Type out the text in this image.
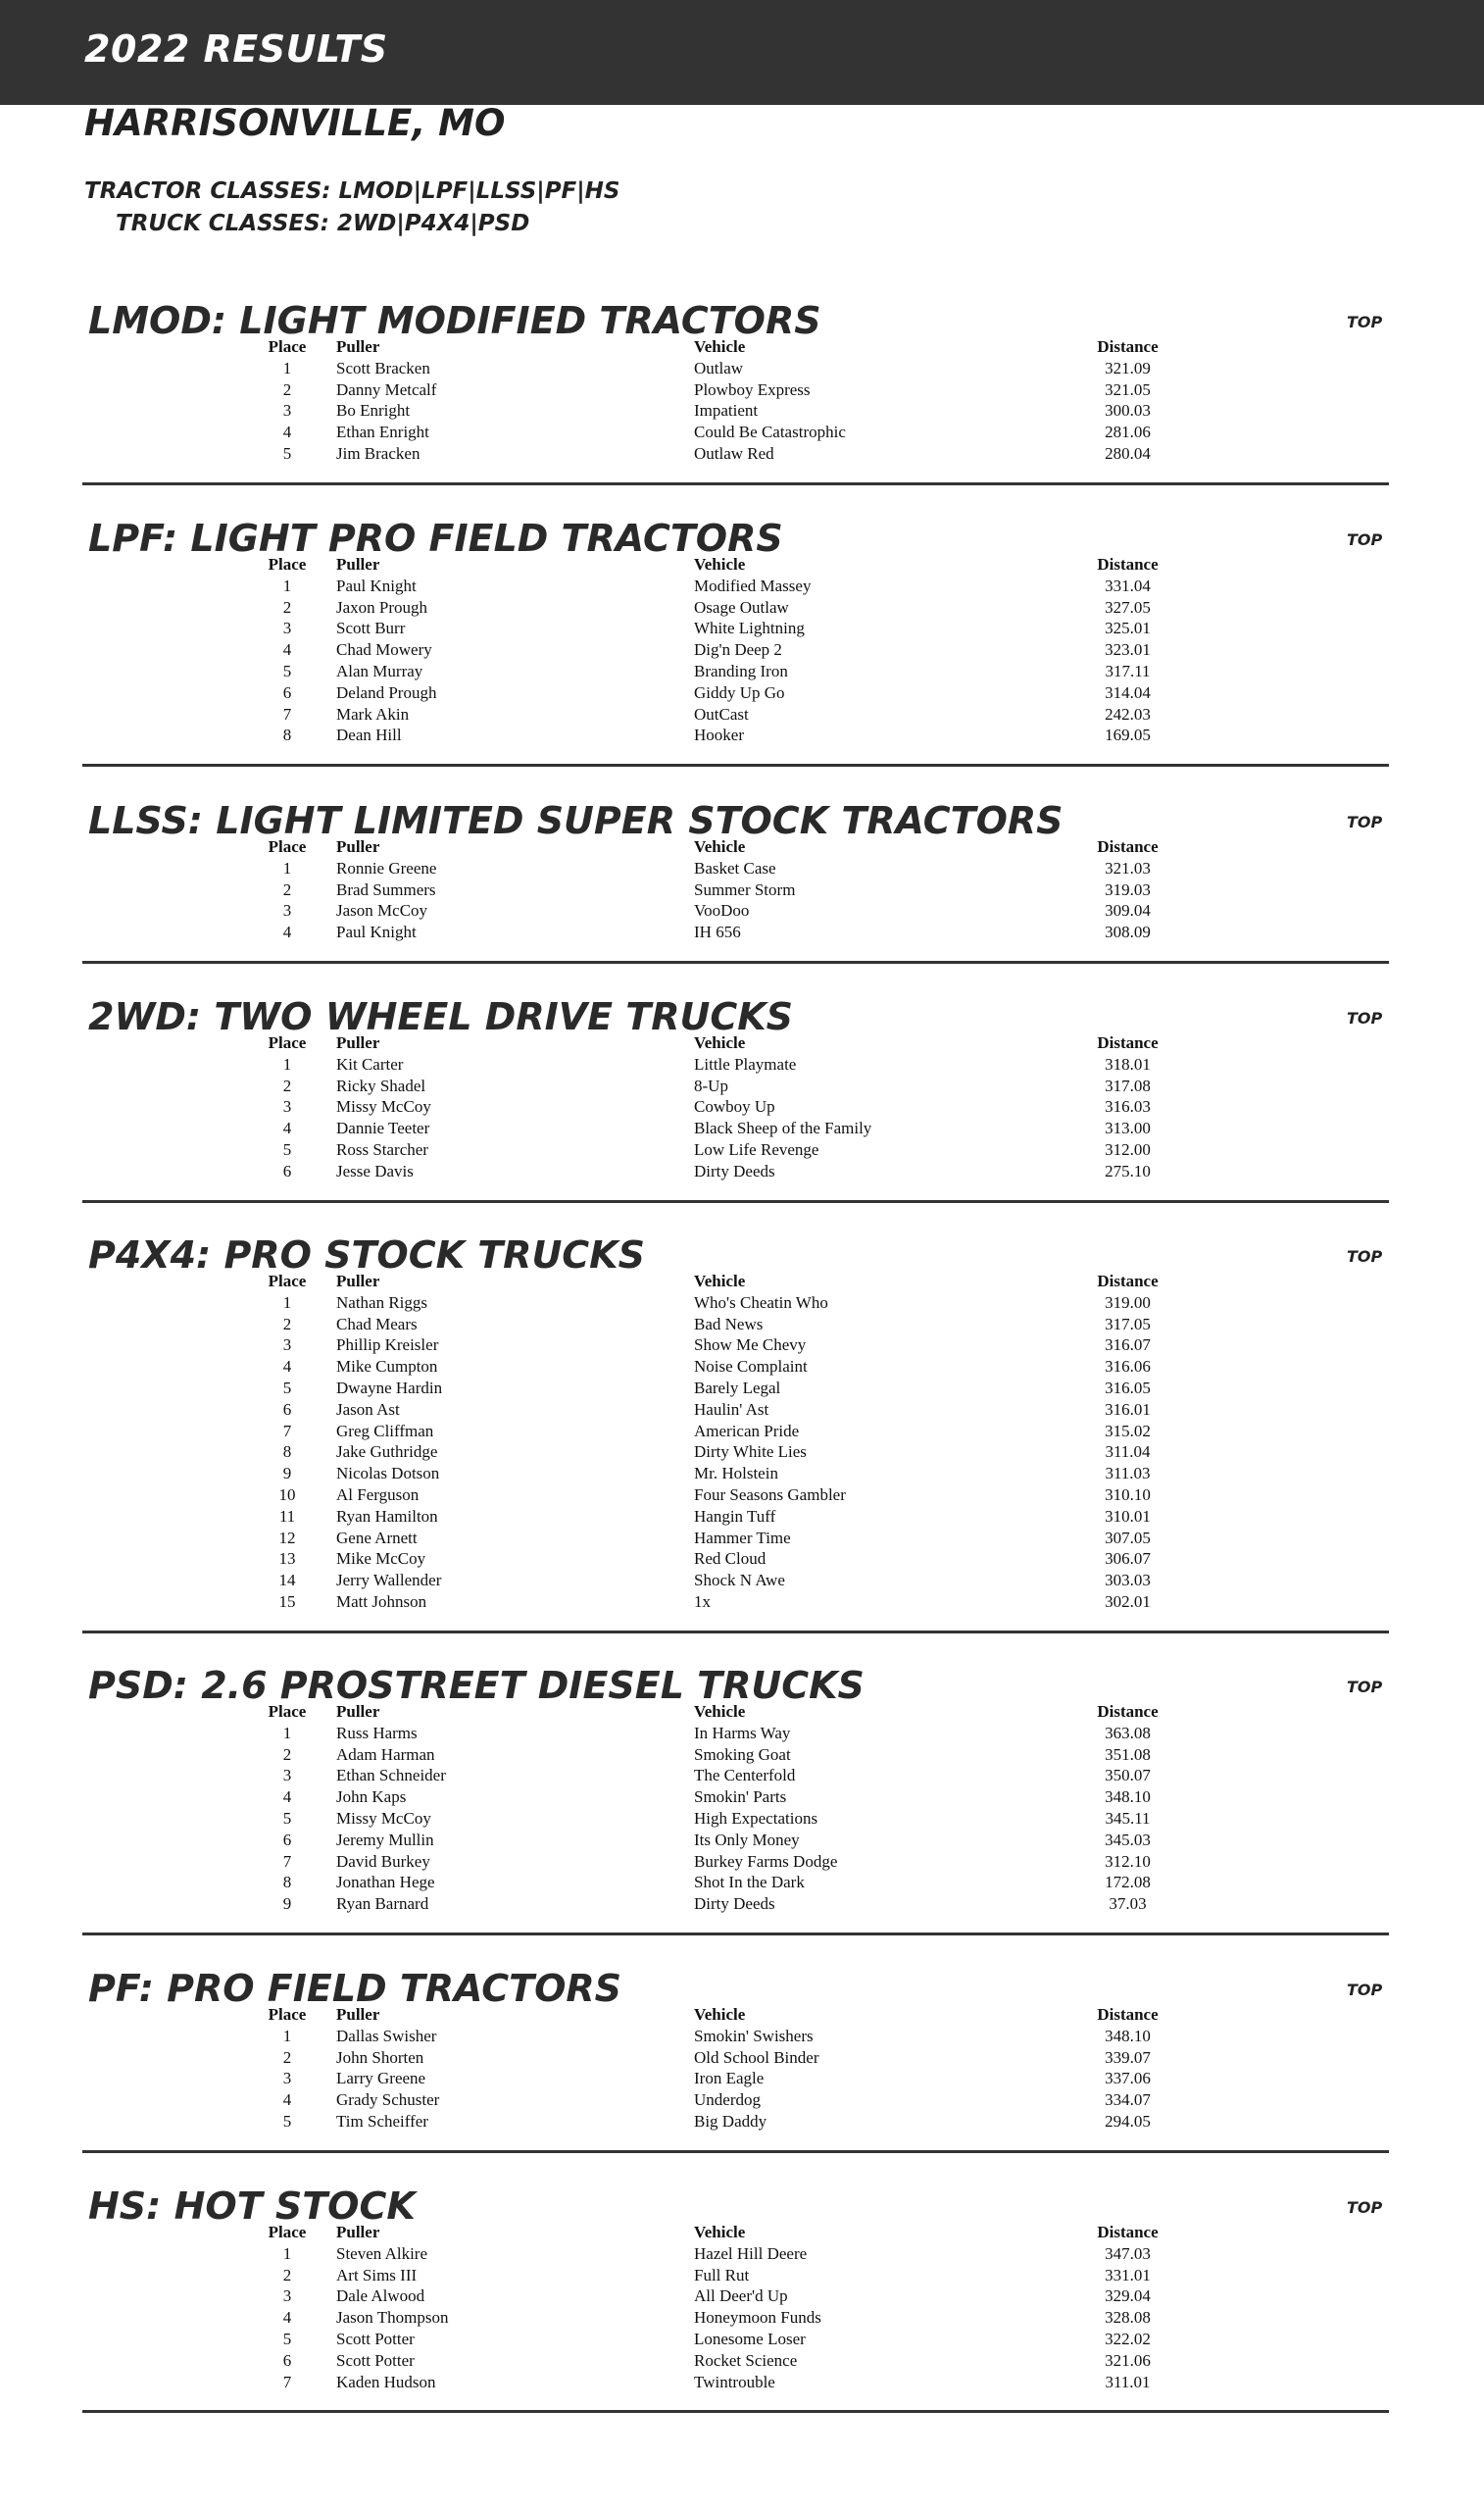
2022 RESULTS
HARRISONVILLE, MO
TRACTOR CLASSES: LMOD|LPF|LLSS|PF|HS
TRUCK CLASSES: 2WD|P4X4|PSD
LMOD: LIGHT MODIFIED TRACTORS	TOP
Place	Puller	Vehicle	Distance
1	Scott Bracken	Outlaw	321.09
2	Danny Metcalf	Plowboy Express	321.05
3	Bo Enright	Impatient	300.03
4	Ethan Enright	Could Be Catastrophic	281.06
5	Jim Bracken	Outlaw Red	280.04
LPF: LIGHT PRO FIELD TRACTORS	TOP
Place	Puller	Vehicle	Distance
1	Paul Knight	Modified Massey	331.04
2	Jaxon Prough	Osage Outlaw	327.05
3	Scott Burr	White Lightning	325.01
4	Chad Mowery	Dig'n Deep 2	323.01
5	Alan Murray	Branding Iron	317.11
6	Deland Prough	Giddy Up Go	314.04
7	Mark Akin	OutCast	242.03
8	Dean Hill	Hooker	169.05
LLSS: LIGHT LIMITED SUPER STOCK TRACTORS	TOP
Place	Puller	Vehicle	Distance
1	Ronnie Greene	Basket Case	321.03
2	Brad Summers	Summer Storm	319.03
3	Jason McCoy	VooDoo	309.04
4	Paul Knight	IH 656	308.09
2WD: TWO WHEEL DRIVE TRUCKS	TOP
Place	Puller	Vehicle	Distance
1	Kit Carter	Little Playmate	318.01
2	Ricky Shadel	8-Up	317.08
3	Missy McCoy	Cowboy Up	316.03
4	Dannie Teeter	Black Sheep of the Family	313.00
5	Ross Starcher	Low Life Revenge	312.00
6	Jesse Davis	Dirty Deeds	275.10
P4X4: PRO STOCK TRUCKS	TOP
Place	Puller	Vehicle	Distance
1	Nathan Riggs	Who's Cheatin Who	319.00
2	Chad Mears	Bad News	317.05
3	Phillip Kreisler	Show Me Chevy	316.07
4	Mike Cumpton	Noise Complaint	316.06
5	Dwayne Hardin	Barely Legal	316.05
6	Jason Ast	Haulin' Ast	316.01
7	Greg Cliffman	American Pride	315.02
8	Jake Guthridge	Dirty White Lies	311.04
9	Nicolas Dotson	Mr. Holstein	311.03
10	Al Ferguson	Four Seasons Gambler	310.10
11	Ryan Hamilton	Hangin Tuff	310.01
12	Gene Arnett	Hammer Time	307.05
13	Mike McCoy	Red Cloud	306.07
14	Jerry Wallender	Shock N Awe	303.03
15	Matt Johnson	1x	302.01
PSD: 2.6 PROSTREET DIESEL TRUCKS	TOP
Place	Puller	Vehicle	Distance
1	Russ Harms	In Harms Way	363.08
2	Adam Harman	Smoking Goat	351.08
3	Ethan Schneider	The Centerfold	350.07
4	John Kaps	Smokin' Parts	348.10
5	Missy McCoy	High Expectations	345.11
6	Jeremy Mullin	Its Only Money	345.03
7	David Burkey	Burkey Farms Dodge	312.10
8	Jonathan Hege	Shot In the Dark	172.08
9	Ryan Barnard	Dirty Deeds	37.03
PF: PRO FIELD TRACTORS	TOP
Place	Puller	Vehicle	Distance
1	Dallas Swisher	Smokin' Swishers	348.10
2	John Shorten	Old School Binder	339.07
3	Larry Greene	Iron Eagle	337.06
4	Grady Schuster	Underdog	334.07
5	Tim Scheiffer	Big Daddy	294.05
HS: HOT STOCK	TOP
Place	Puller	Vehicle	Distance
1	Steven Alkire	Hazel Hill Deere	347.03
2	Art Sims III	Full Rut	331.01
3	Dale Alwood	All Deer'd Up	329.04
4	Jason Thompson	Honeymoon Funds	328.08
5	Scott Potter	Lonesome Loser	322.02
6	Scott Potter	Rocket Science	321.06
7	Kaden Hudson	Twintrouble	311.01
